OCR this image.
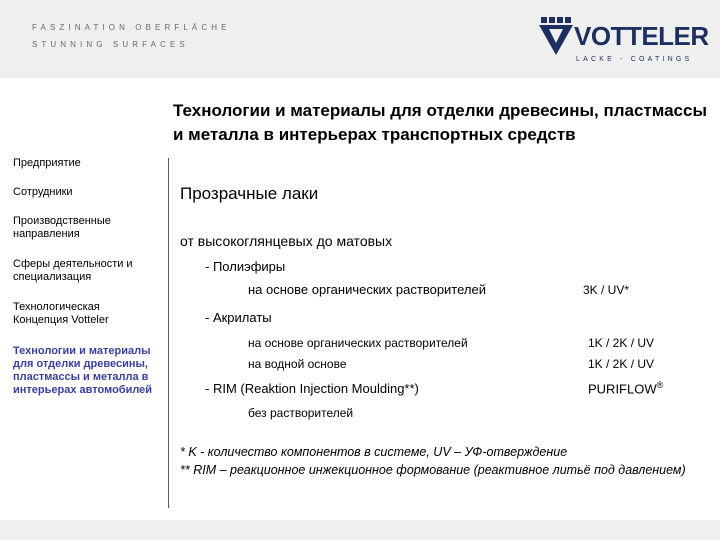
FASZINATION OBERFLÄCHE
STUNNING SURFACES	VOTTELER
LACKE - COATINGS
Предприятие
Сотрудники
Производственные направления
Сферы деятельности и специализация
Технологическая Концепция Votteler
Технологии и материалы для отделки древесины, пластмассы и металла в интерьерах автомобилей
Технологии и материалы для отделки древесины, пластмассы и металла в интерьерах транспортных средств
Прозрачные лаки
от высокоглянцевых до матовых
- Полиэфиры
на основе органических растворителей	3K / UV*
- Акрилаты
на основе органических растворителей	1K / 2K / UV
на водной основе	1K / 2K / UV
- RIM (Reaktion Injection Moulding**)	PURIFLOW®
без растворителей
* K - количество компонентов в системе, UV – УФ-отверждение
** RIM – реакционное инжекционное формование (реактивное литьё под давлением)
